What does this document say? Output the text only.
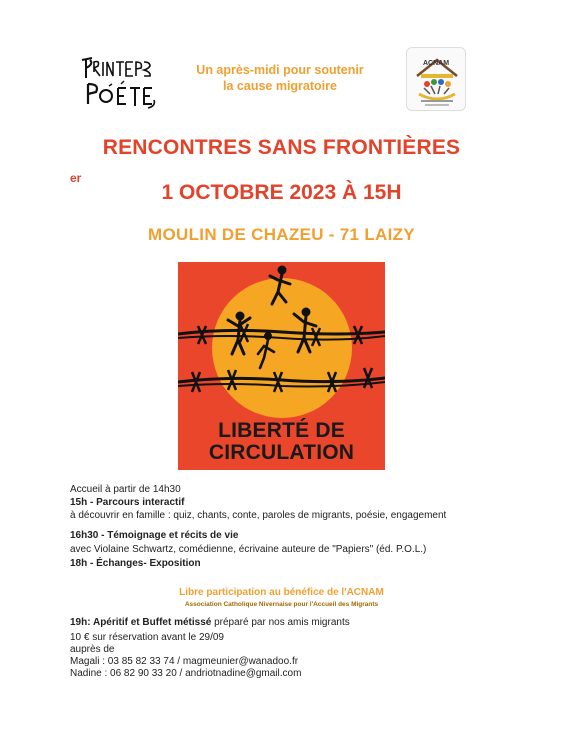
Un après-midi pour soutenir
la cause migratoire
ACNAM
RENCONTRES SANS FRONTIÈRES
er
1 OCTOBRE 2023 À 15H
MOULIN DE CHAZEU - 71 LAIZY
LIBERTÉ DE
CIRCULATION
Accueil à partir de 14h30
15h - Parcours interactif
à découvrir en famille : quiz, chants, conte, paroles de migrants, poésie, engagement
16h30 - Témoignage et récits de vie
avec Violaine Schwartz, comédienne, écrivaine auteure de "Papiers" (éd. P.O.L.)
18h - Échanges- Exposition
Libre participation au bénéfice de l'ACNAM
Association Catholique Nivernaise pour l'Accueil des Migrants
19h: Apéritif et Buffet métissé préparé par nos amis migrants
10 € sur réservation avant le 29/09
auprès de
Magali : 03 85 82 33 74 / magmeunier@wanadoo.fr
Nadine : 06 82 90 33 20 / andriotnadine@gmail.com
